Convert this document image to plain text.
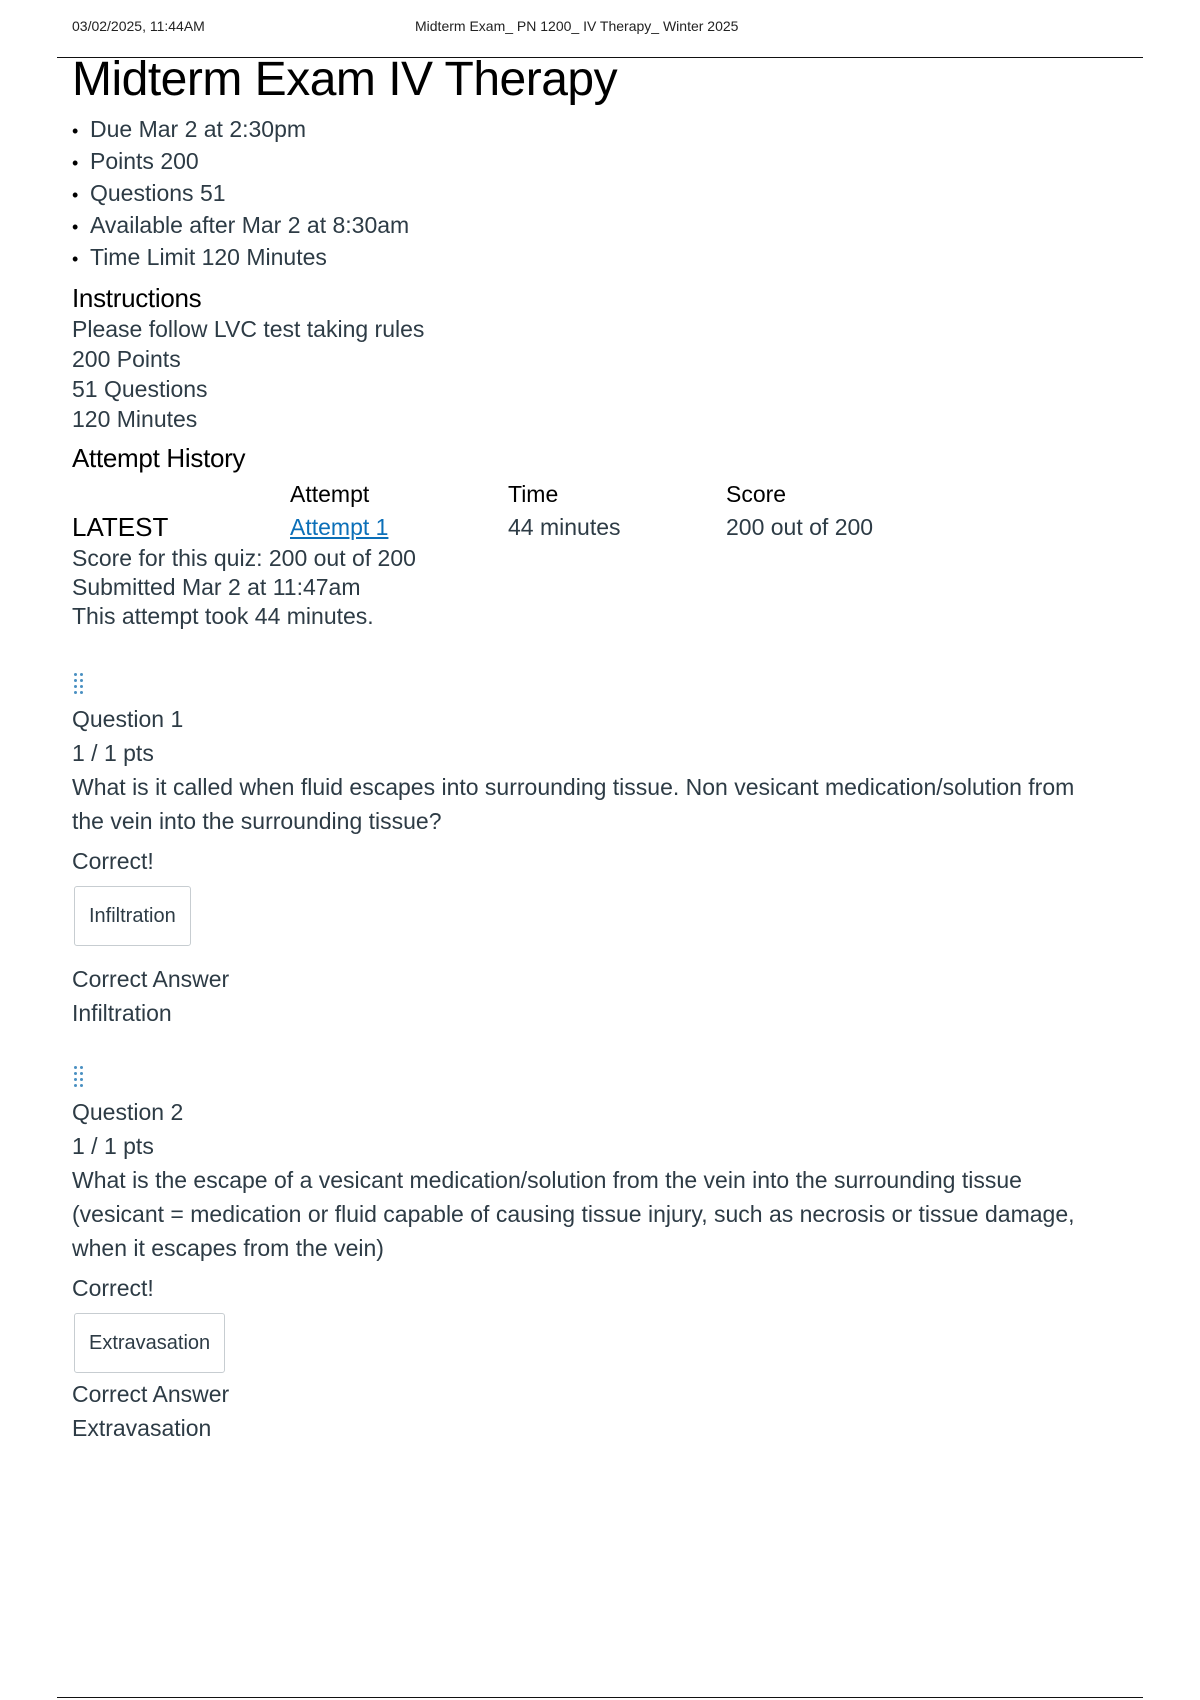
03/02/2025, 11:44AM	Midterm Exam_ PN 1200_ IV Therapy_ Winter 2025
Midterm Exam IV Therapy
• Due Mar 2 at 2:30pm
• Points 200
• Questions 51
• Available after Mar 2 at 8:30am
• Time Limit 120 Minutes
Instructions
Please follow LVC test taking rules
200 Points
51 Questions
120 Minutes
Attempt History
	Attempt	Time	Score
LATEST	Attempt 1	44 minutes	200 out of 200
Score for this quiz: 200 out of 200
Submitted Mar 2 at 11:47am
This attempt took 44 minutes.
Question 1
1 / 1 pts
What is it called when fluid escapes into surrounding tissue. Non vesicant medication/solution from the vein into the surrounding tissue?
Correct!
Infiltration
Correct Answer
Infiltration
Question 2
1 / 1 pts
What is the escape of a vesicant medication/solution from the vein into the surrounding tissue (vesicant = medication or fluid capable of causing tissue injury, such as necrosis or tissue damage, when it escapes from the vein)
Correct!
Extravasation
Correct Answer
Extravasation
